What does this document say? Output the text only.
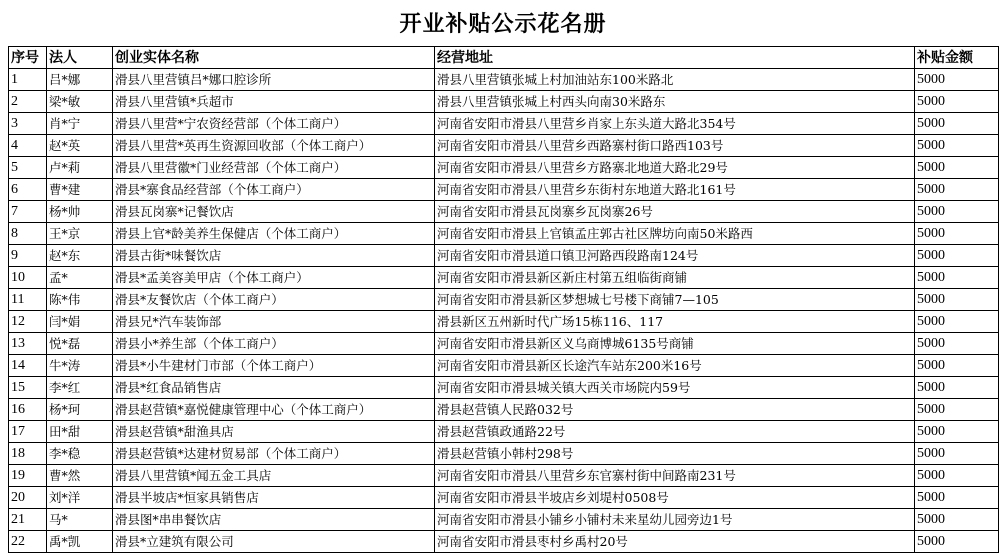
开业补贴公示花名册
序号	法人	创业实体名称	经营地址	补贴金额
1	吕*娜	滑县八里营镇吕*娜口腔诊所	滑县八里营镇张堿上村加油站东100米路北	5000
2	梁*敏	滑县八里营镇*兵超市	滑县八里营镇张堿上村西头向南30米路东	5000
3	肖*宁	滑县八里营*宁农资经营部（个体工商户）	河南省安阳市滑县八里营乡肖家上东头道大路北354号	5000
4	赵*英	滑县八里营*英再生资源回收部（个体工商户）	河南省安阳市滑县八里营乡西路寨村街口路西103号	5000
5	卢*莉	滑县八里营徽*门业经营部（个体工商户）	河南省安阳市滑县八里营乡方路寨北地道大路北29号	5000
6	曹*建	滑县*寨食品经营部（个体工商户）	河南省安阳市滑县八里营乡东街村东地道大路北161号	5000
7	杨*帅	滑县瓦岗寨*记餐饮店	河南省安阳市滑县瓦岗寨乡瓦岗寨26号	5000
8	王*京	滑县上官*龄美养生保健店（个体工商户）	河南省安阳市滑县上官镇孟庄郭古社区牌坊向南50米路西	5000
9	赵*东	滑县古街*味餐饮店	河南省安阳市滑县道口镇卫河路西段路南124号	5000
10	孟*	滑县*孟美容美甲店（个体工商户）	河南省安阳市滑县新区新庄村第五组临街商铺	5000
11	陈*伟	滑县*友餐饮店（个体工商户）	河南省安阳市滑县新区梦想城七号楼下商铺7—105	5000
12	闫*娟	滑县兄*汽车装饰部	滑县新区五州新时代广场15栋116、117	5000
13	悦*磊	滑县小*养生部（个体工商户）	河南省安阳市滑县新区义乌商博城6135号商铺	5000
14	牛*涛	滑县*小牛建材门市部（个体工商户）	河南省安阳市滑县新区长途汽车站东200米16号	5000
15	李*红	滑县*红食品销售店	河南省安阳市滑县城关镇大西关市场院内59号	5000
16	杨*珂	滑县赵营镇*嘉悦健康管理中心（个体工商户）	滑县赵营镇人民路032号	5000
17	田*甜	滑县赵营镇*甜渔具店	滑县赵营镇政通路22号	5000
18	李*稳	滑县赵营镇*达建材贸易部（个体工商户）	滑县赵营镇小韩村298号	5000
19	曹*然	滑县八里营镇*闻五金工具店	河南省安阳市滑县八里营乡东官寨村街中间路南231号	5000
20	刘*洋	滑县半坡店*恒家具销售店	河南省安阳市滑县半坡店乡刘堤村0508号	5000
21	马*	滑县图*串串餐饮店	河南省安阳市滑县小铺乡小铺村未来星幼儿园旁边1号	5000
22	禹*凯	滑县*立建筑有限公司	河南省安阳市滑县枣村乡禹村20号	5000
